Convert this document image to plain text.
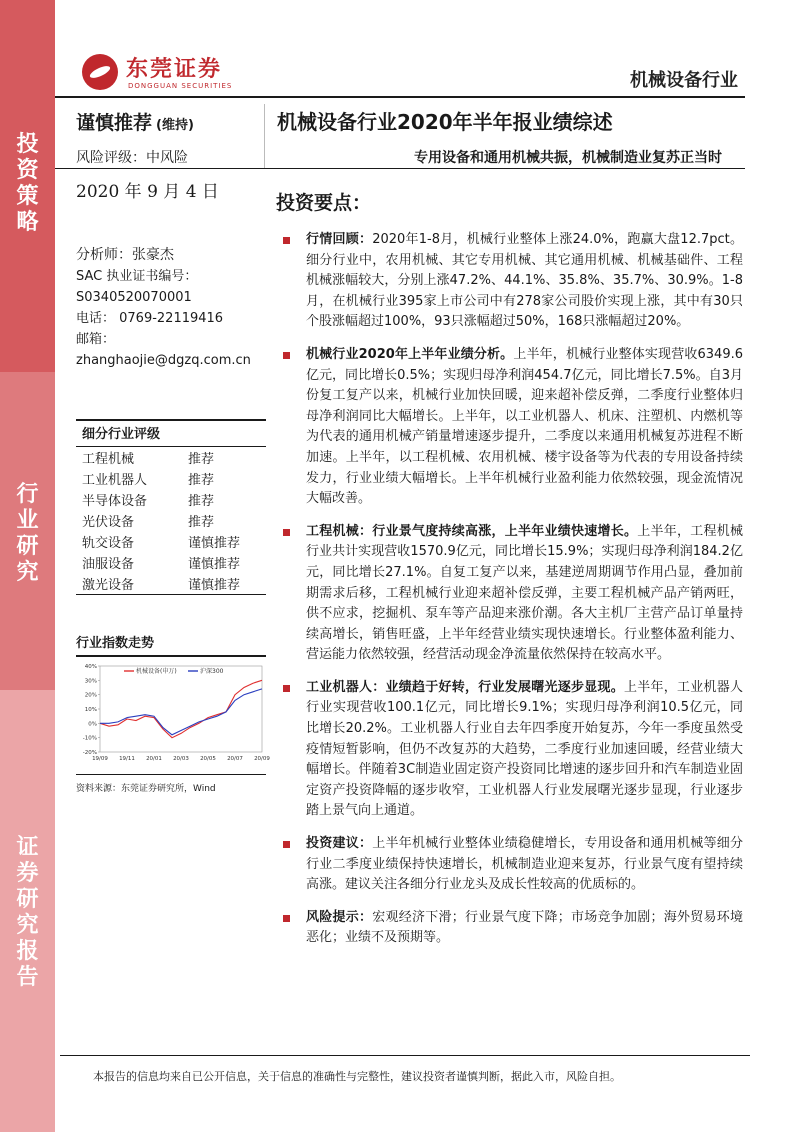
投资策略
行业研究
证券研究报告
东莞证券
DONGGUAN SECURITIES	机械设备行业
谨慎推荐 (维持)	机械设备行业2020年半年报业绩综述
风险评级：中风险	专用设备和通用机械共振，机械制造业复苏正当时
2020 年 9 月 4 日
分析师：张豪杰
SAC 执业证书编号：
S0340520070001
电话： 0769-22119416
邮箱：
zhanghaojie@dgzq.com.cn
细分行业评级
工程机械	推荐
工业机器人	推荐
半导体设备	推荐
光伏设备	推荐
轨交设备	谨慎推荐
油服设备	谨慎推荐
激光设备	谨慎推荐
行业指数走势
40%
30%
20%
10%
0%
-10%
-20%
19/09 19/11 20/01 20/03 20/05 20/07 20/09
机械设备(申万)	沪深300
资料来源：东莞证券研究所，Wind
投资要点：
行情回顾：2020年1-8月，机械行业整体上涨24.0%，跑赢大盘12.7pct。细分行业中，农用机械、其它专用机械、其它通用机械、机械基础件、工程机械涨幅较大，分别上涨47.2%、44.1%、35.8%、35.7%、30.9%。1-8月，在机械行业395家上市公司中有278家公司股价实现上涨，其中有30只个股涨幅超过100%，93只涨幅超过50%，168只涨幅超过20%。
机械行业2020年上半年业绩分析。上半年，机械行业整体实现营收6349.6亿元，同比增长0.5%；实现归母净利润454.7亿元，同比增长7.5%。自3月份复工复产以来，机械行业加快回暖，迎来超补偿反弹，二季度行业整体归母净利润同比大幅增长。上半年，以工业机器人、机床、注塑机、内燃机等为代表的通用机械产销量增速逐步提升，二季度以来通用机械复苏进程不断加速。上半年，以工程机械、农用机械、楼宇设备等为代表的专用设备持续发力，行业业绩大幅增长。上半年机械行业盈利能力依然较强，现金流情况大幅改善。
工程机械：行业景气度持续高涨，上半年业绩快速增长。上半年，工程机械行业共计实现营收1570.9亿元，同比增长15.9%；实现归母净利润184.2亿元，同比增长27.1%。自复工复产以来，基建逆周期调节作用凸显，叠加前期需求后移，工程机械行业迎来超补偿反弹，主要工程机械产品产销两旺，供不应求，挖掘机、泵车等产品迎来涨价潮。各大主机厂主营产品订单量持续高增长，销售旺盛，上半年经营业绩实现快速增长。行业整体盈利能力、营运能力依然较强，经营活动现金净流量依然保持在较高水平。
工业机器人：业绩趋于好转，行业发展曙光逐步显现。上半年，工业机器人行业实现营收100.1亿元，同比增长9.1%；实现归母净利润10.5亿元，同比增长20.2%。工业机器人行业自去年四季度开始复苏，今年一季度虽然受疫情短暂影响，但仍不改复苏的大趋势，二季度行业加速回暖，经营业绩大幅增长。伴随着3C制造业固定资产投资同比增速的逐步回升和汽车制造业固定资产投资降幅的逐步收窄，工业机器人行业发展曙光逐步显现，行业逐步踏上景气向上通道。
投资建议：上半年机械行业整体业绩稳健增长，专用设备和通用机械等细分行业二季度业绩保持快速增长，机械制造业迎来复苏，行业景气度有望持续高涨。建议关注各细分行业龙头及成长性较高的优质标的。
风险提示：宏观经济下滑；行业景气度下降；市场竞争加剧；海外贸易环境恶化；业绩不及预期等。
本报告的信息均来自已公开信息，关于信息的准确性与完整性，建议投资者谨慎判断，据此入市，风险自担。
